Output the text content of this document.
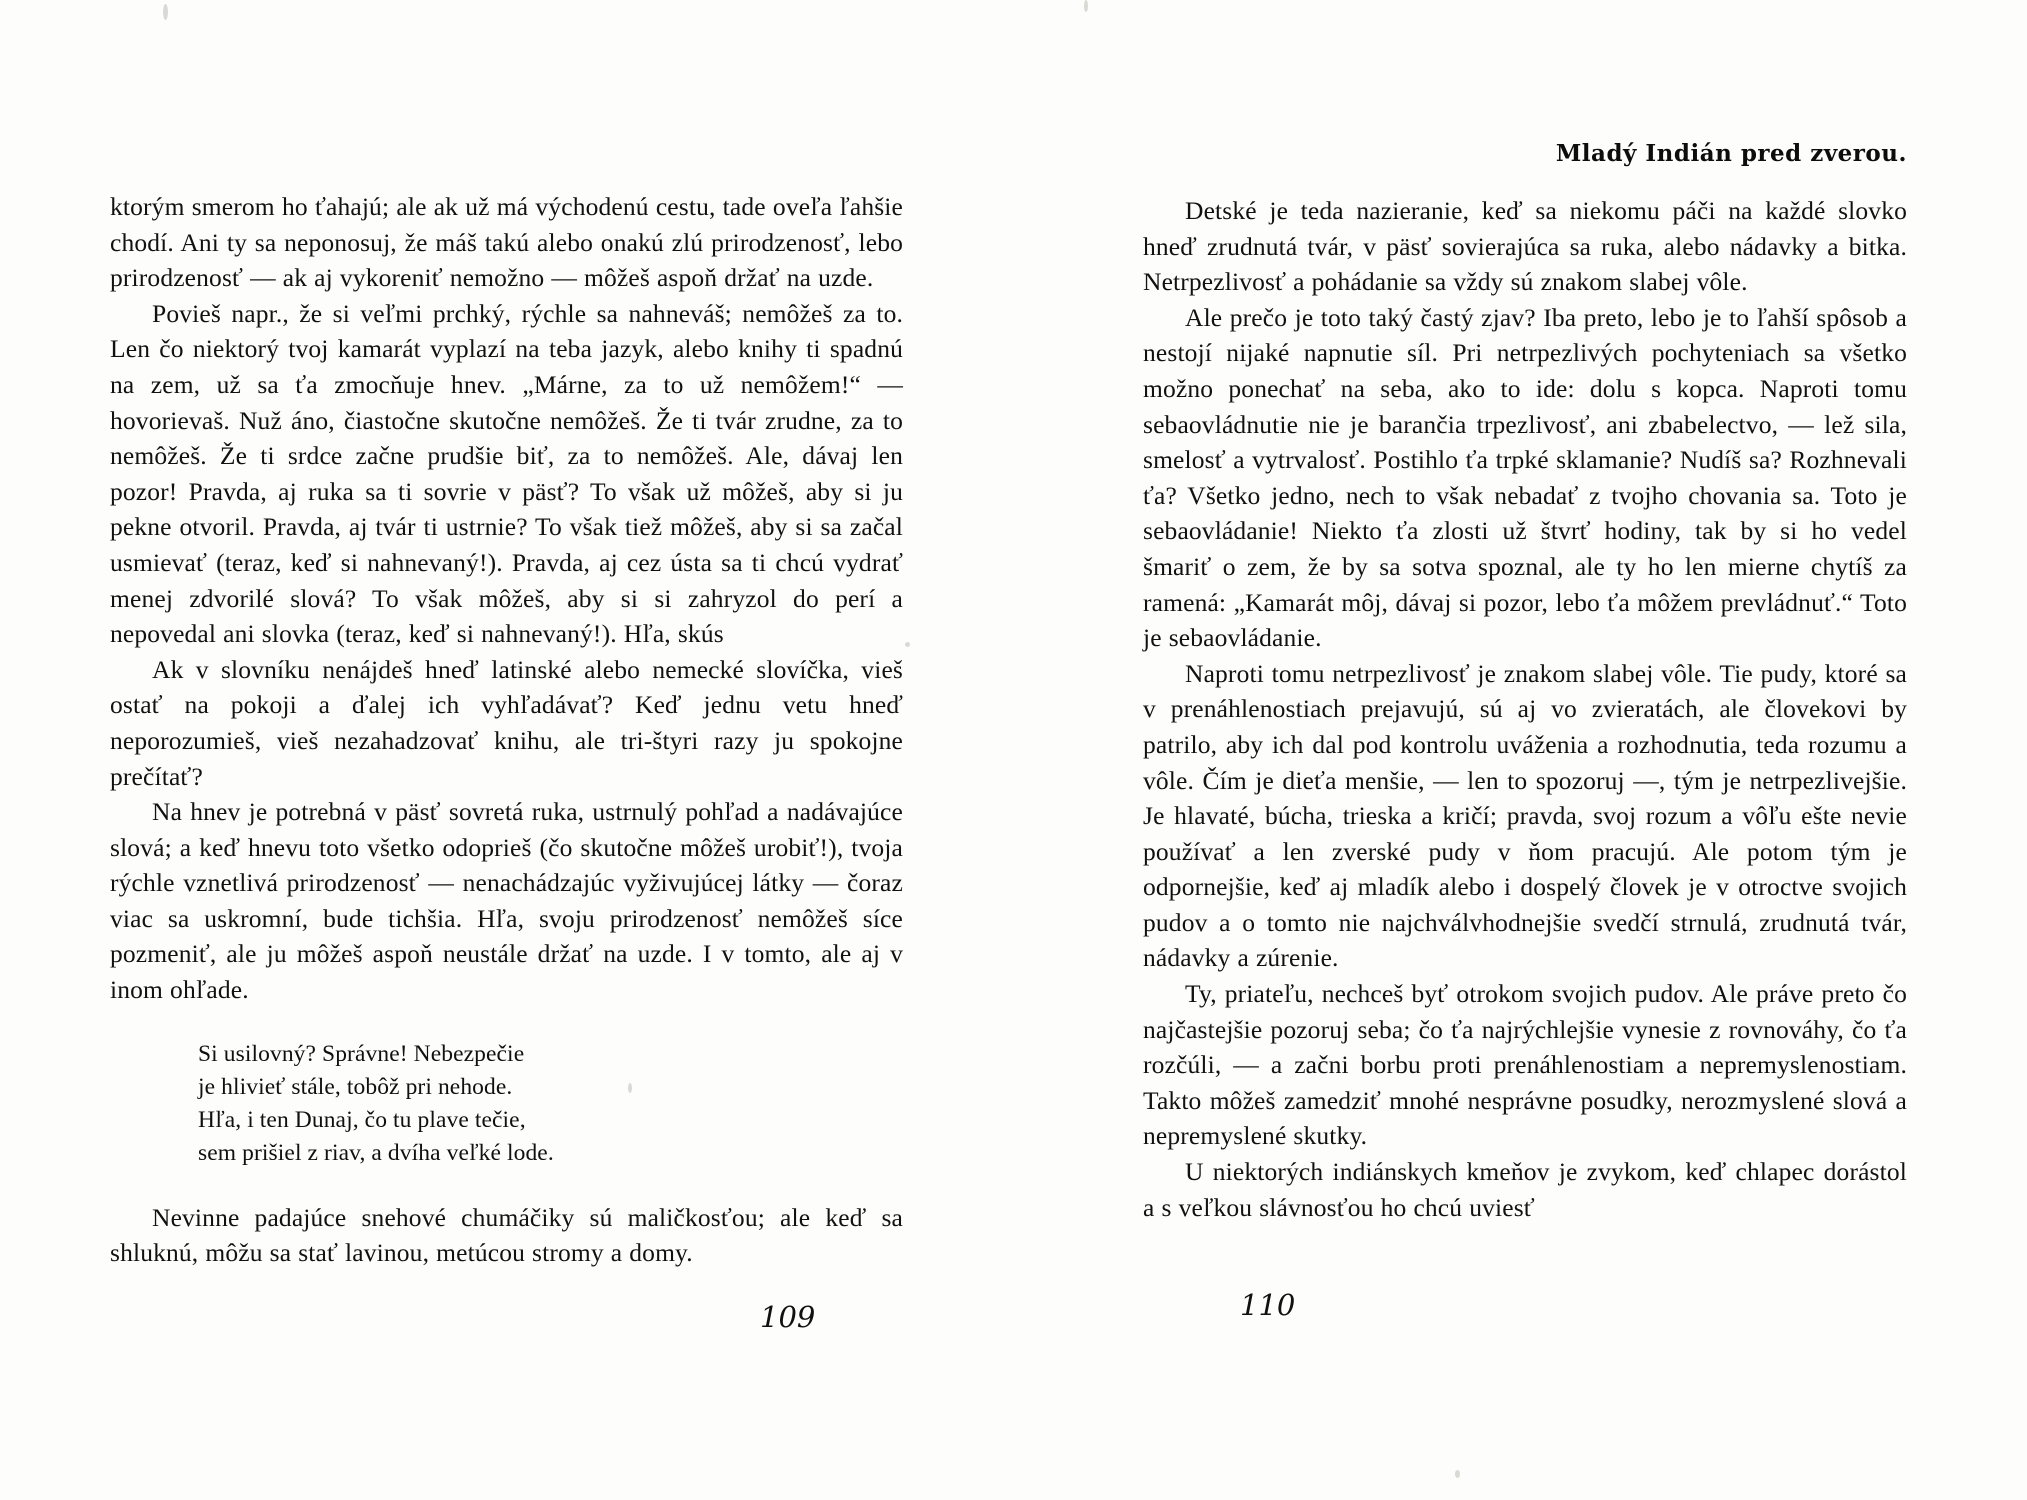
ktorým smerom ho ťahajú; ale ak už má východenú cestu, tade oveľa ľahšie chodí. Ani ty sa neponosuj, že máš takú alebo onakú zlú prirodzenosť, lebo prirodzenosť — ak aj vykoreniť nemožno — môžeš aspoň držať na uzde.

Povieš napr., že si veľmi prchký, rýchle sa nahneváš; nemôžeš za to. Len čo niektorý tvoj kamarát vyplazí na teba jazyk, alebo knihy ti spadnú na zem, už sa ťa zmocňuje hnev. „Márne, za to už nemôžem!“ — hovorievaš. Nuž áno, čiastočne skutočne nemôžeš. Že ti tvár zrudne, za to nemôžeš. Že ti srdce začne prudšie biť, za to nemôžeš. Ale, dávaj len pozor! Pravda, aj ruka sa ti sovrie v päsť? To však už môžeš, aby si ju pekne otvoril. Pravda, aj tvár ti ustrnie? To však tiež môžeš, aby si sa začal usmievať (teraz, keď si nahnevaný!). Pravda, aj cez ústa sa ti chcú vydrať menej zdvorilé slová? To však môžeš, aby si si zahryzol do perí a nepovedal ani slovka (teraz, keď si nahnevaný!). Hľa, skús

Ak v slovníku nenájdeš hneď latinské alebo nemecké slovíčka, vieš ostať na pokoji a ďalej ich vyhľadávať? Keď jednu vetu hneď neporozumieš, vieš nezahadzovať knihu, ale tri-štyri razy ju spokojne prečítať?

Na hnev je potrebná v päsť sovretá ruka, ustrnulý pohľad a nadávajúce slová; a keď hnevu toto všetko odoprieš (čo skutočne môžeš urobiť!), tvoja rýchle vznetlivá prirodzenosť — nenachádzajúc vyživujúcej látky — čoraz viac sa uskromní, bude tichšia. Hľa, svoju prirodzenosť nemôžeš síce pozmeniť, ale ju môžeš aspoň neustále držať na uzde. I v tomto, ale aj v inom ohľade.

Si usilovný? Správne! Nebezpečie
je hlivieť stále, tobôž pri nehode.
Hľa, i ten Dunaj, čo tu plave tečie,
sem prišiel z riav, a dvíha veľké lode.

Nevinne padajúce snehové chumáčiky sú maličkosťou; ale keď sa shluknú, môžu sa stať lavinou, metúcou stromy a domy.

Mladý Indián pred zverou.

Detské je teda nazieranie, keď sa niekomu páči na každé slovko hneď zrudnutá tvár, v päsť sovierajúca sa ruka, alebo nádavky a bitka. Netrpezlivosť a pohádanie sa vždy sú znakom slabej vôle.

Ale prečo je toto taký častý zjav? Iba preto, lebo je to ľahší spôsob a nestojí nijaké napnutie síl. Pri netrpezlivých pochyteniach sa všetko možno ponechať na seba, ako to ide: dolu s kopca. Naproti tomu sebaovládnutie nie je barančia trpezlivosť, ani zbabelectvo, — lež sila, smelosť a vytrvalosť. Postihlo ťa trpké sklamanie? Nudíš sa? Rozhnevali ťa? Všetko jedno, nech to však nebadať z tvojho chovania sa. Toto je sebaovládanie! Niekto ťa zlosti už štvrť hodiny, tak by si ho vedel šmariť o zem, že by sa sotva spoznal, ale ty ho len mierne chytíš za ramená: „Kamarát môj, dávaj si pozor, lebo ťa môžem prevládnuť.“ Toto je sebaovládanie.

Naproti tomu netrpezlivosť je znakom slabej vôle. Tie pudy, ktoré sa v prenáhlenostiach prejavujú, sú aj vo zvieratách, ale človekovi by patrilo, aby ich dal pod kontrolu uváženia a rozhodnutia, teda rozumu a vôle. Čím je dieťa menšie, — len to spozoruj —, tým je netrpezlivejšie. Je hlavaté, búcha, trieska a kričí; pravda, svoj rozum a vôľu ešte nevie používať a len zverské pudy v ňom pracujú. Ale potom tým je odpornejšie, keď aj mladík alebo i dospelý človek je v otroctve svojich pudov a o tomto nie najchválvhodnejšie svedčí strnulá, zrudnutá tvár, nádavky a zúrenie.

Ty, priateľu, nechceš byť otrokom svojich pudov. Ale práve preto čo najčastejšie pozoruj seba; čo ťa najrýchlejšie vynesie z rovnováhy, čo ťa rozčúli, — a začni borbu proti prenáhlenostiam a nepremyslenostiam. Takto môžeš zamedziť mnohé nesprávne posudky, nerozmyslené slová a nepremyslené skutky.

U niektorých indiánskych kmeňov je zvykom, keď chlapec dorástol a s veľkou slávnosťou ho chcú uviesť

109	110
